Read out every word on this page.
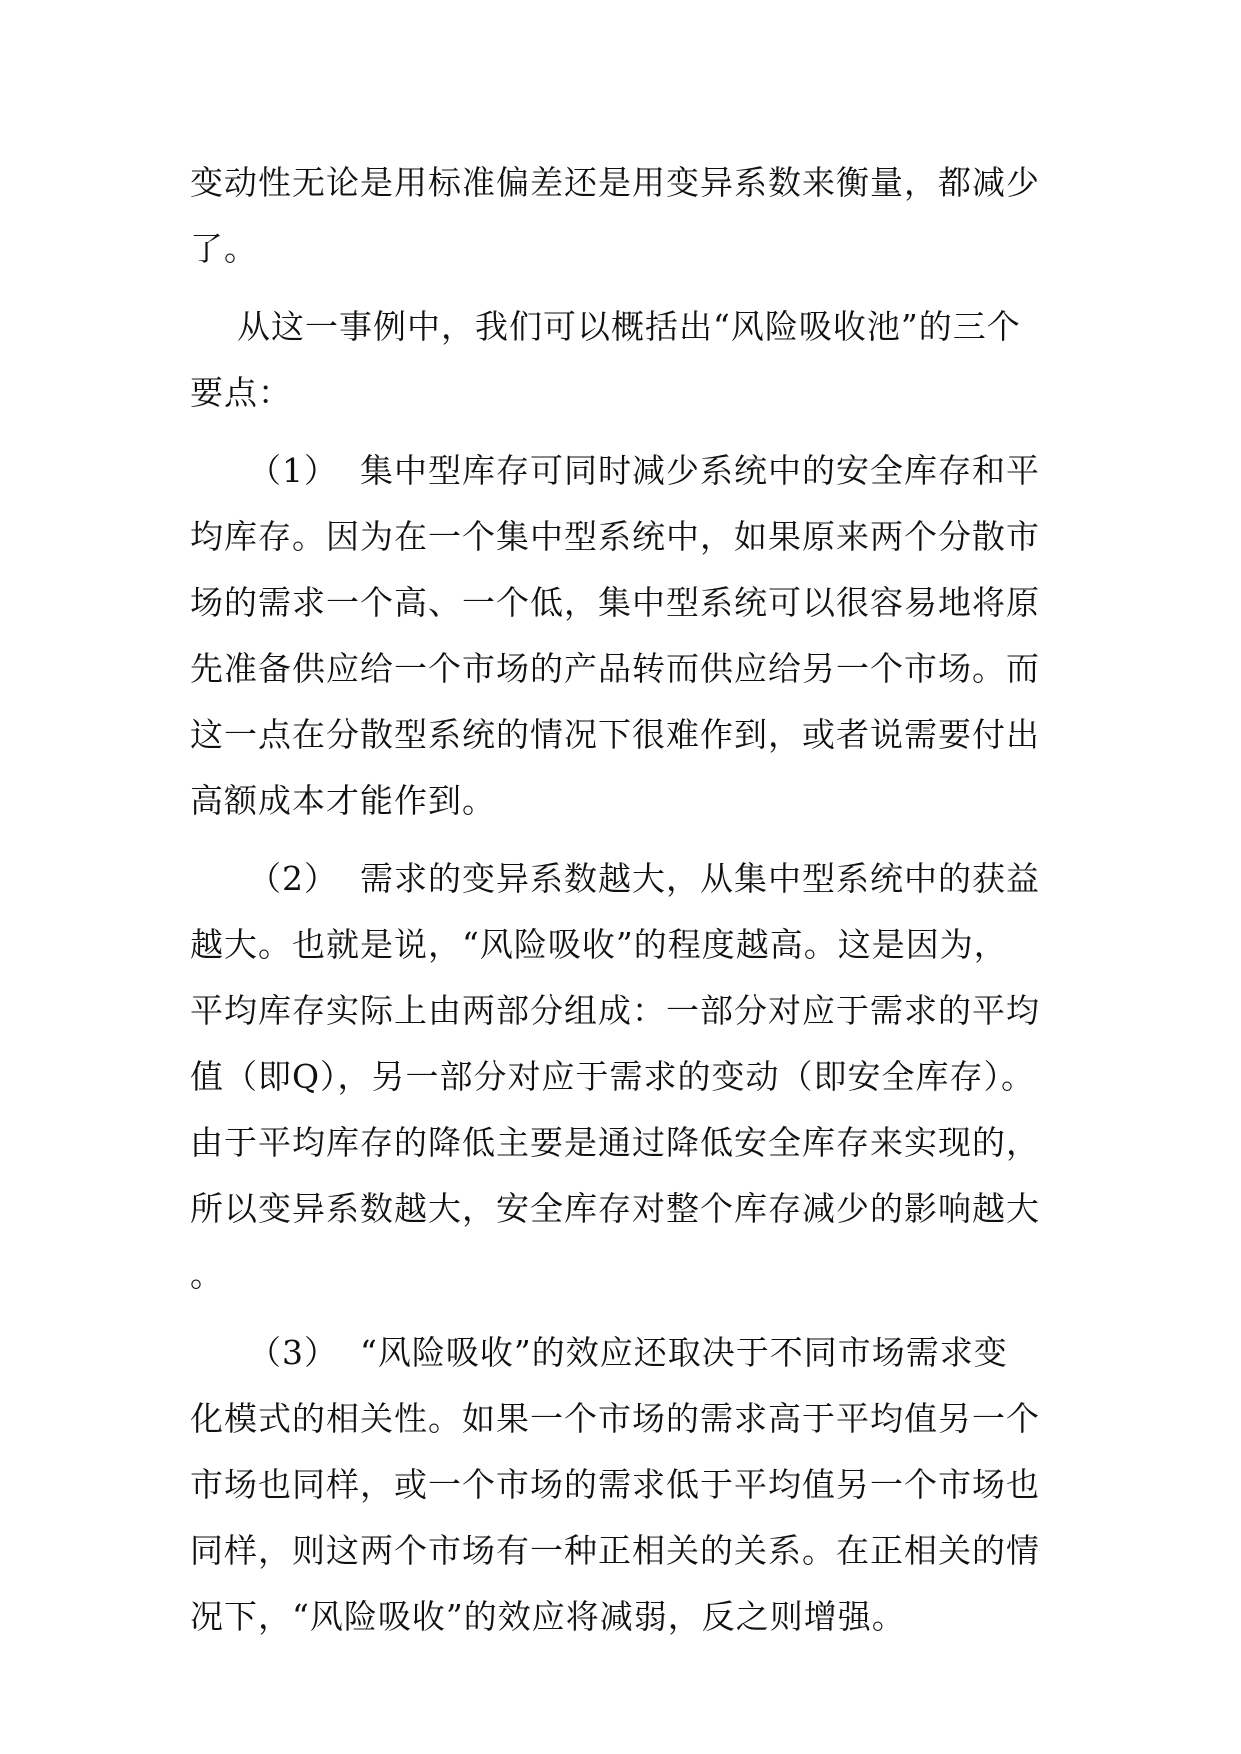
变动性无论是用标准偏差还是用变异系数来衡量，都减少
了。
从这一事例中，我们可以概括出“风险吸收池”的三个
要点：
（1） 集中型库存可同时减少系统中的安全库存和平
均库存。因为在一个集中型系统中，如果原来两个分散市
场的需求一个高、一个低，集中型系统可以很容易地将原
先准备供应给一个市场的产品转而供应给另一个市场。而
这一点在分散型系统的情况下很难作到，或者说需要付出
高额成本才能作到。
（2） 需求的变异系数越大，从集中型系统中的获益
越大。也就是说，“风险吸收”的程度越高。这是因为，
平均库存实际上由两部分组成：一部分对应于需求的平均
值（即Q），另一部分对应于需求的变动（即安全库存）。
由于平均库存的降低主要是通过降低安全库存来实现的，
所以变异系数越大，安全库存对整个库存减少的影响越大
。
（3） “风险吸收”的效应还取决于不同市场需求变
化模式的相关性。如果一个市场的需求高于平均值另一个
市场也同样，或一个市场的需求低于平均值另一个市场也
同样，则这两个市场有一种正相关的关系。在正相关的情
况下，“风险吸收”的效应将减弱，反之则增强。
